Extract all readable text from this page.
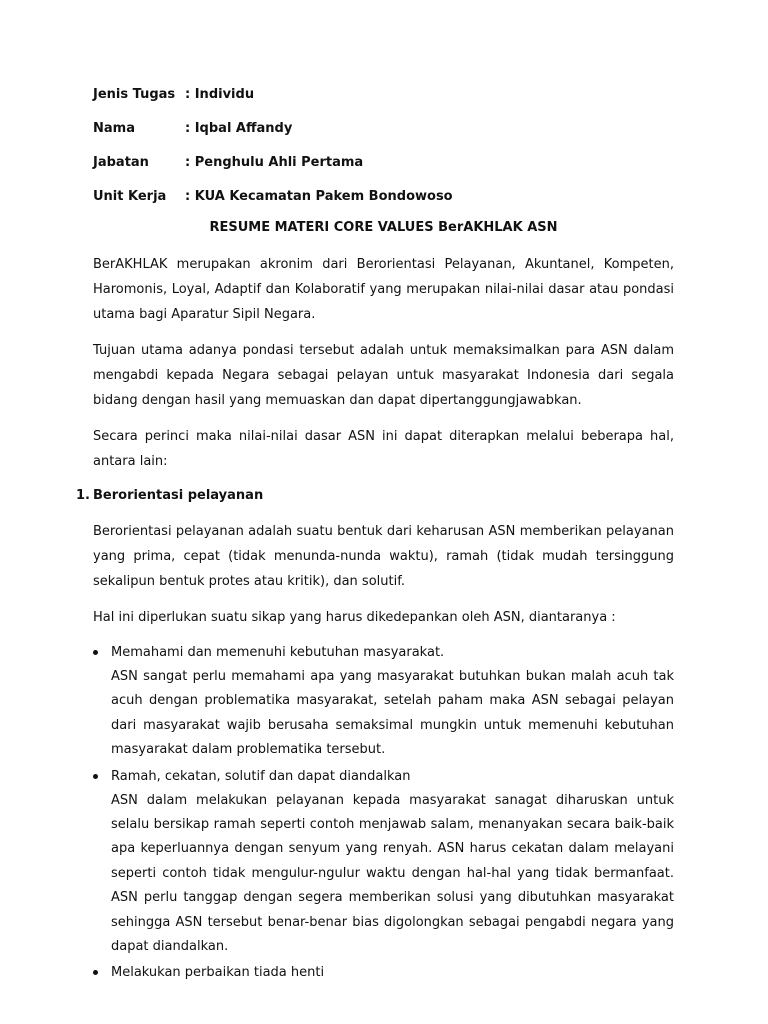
Jenis Tugas : Individu
Nama	: Iqbal Affandy
Jabatan	: Penghulu Ahli Pertama
Unit Kerja	: KUA Kecamatan Pakem Bondowoso
RESUME MATERI CORE VALUES BerAKHLAK ASN

BerAKHLAK merupakan akronim dari Berorientasi Pelayanan, Akuntanel, Kompeten, Haromonis, Loyal, Adaptif dan Kolaboratif yang merupakan nilai-nilai dasar atau pondasi utama bagi Aparatur Sipil Negara.

Tujuan utama adanya pondasi tersebut adalah untuk memaksimalkan para ASN dalam mengabdi kepada Negara sebagai pelayan untuk masyarakat Indonesia dari segala bidang dengan hasil yang memuaskan dan dapat dipertanggungjawabkan.

Secara perinci maka nilai-nilai dasar ASN ini dapat diterapkan melalui beberapa hal, antara lain:

1. Berorientasi pelayanan

Berorientasi pelayanan adalah suatu bentuk dari keharusan ASN memberikan pelayanan yang prima, cepat (tidak menunda-nunda waktu), ramah (tidak mudah tersinggung sekalipun bentuk protes atau kritik), dan solutif.

Hal ini diperlukan suatu sikap yang harus dikedepankan oleh ASN, diantaranya :

Memahami dan memenuhi kebutuhan masyarakat.
ASN sangat perlu memahami apa yang masyarakat butuhkan bukan malah acuh tak acuh dengan problematika masyarakat, setelah paham maka ASN sebagai pelayan dari masyarakat wajib berusaha semaksimal mungkin untuk memenuhi kebutuhan masyarakat dalam problematika tersebut.
Ramah, cekatan, solutif dan dapat diandalkan
ASN dalam melakukan pelayanan kepada masyarakat sanagat diharuskan untuk selalu bersikap ramah seperti contoh menjawab salam, menanyakan secara baik-baik apa keperluannya dengan senyum yang renyah. ASN harus cekatan dalam melayani seperti contoh tidak mengulur-ngulur waktu dengan hal-hal yang tidak bermanfaat. ASN perlu tanggap dengan segera memberikan solusi yang dibutuhkan masyarakat sehingga ASN tersebut benar-benar bias digolongkan sebagai pengabdi negara yang dapat diandalkan.
Melakukan perbaikan tiada henti
